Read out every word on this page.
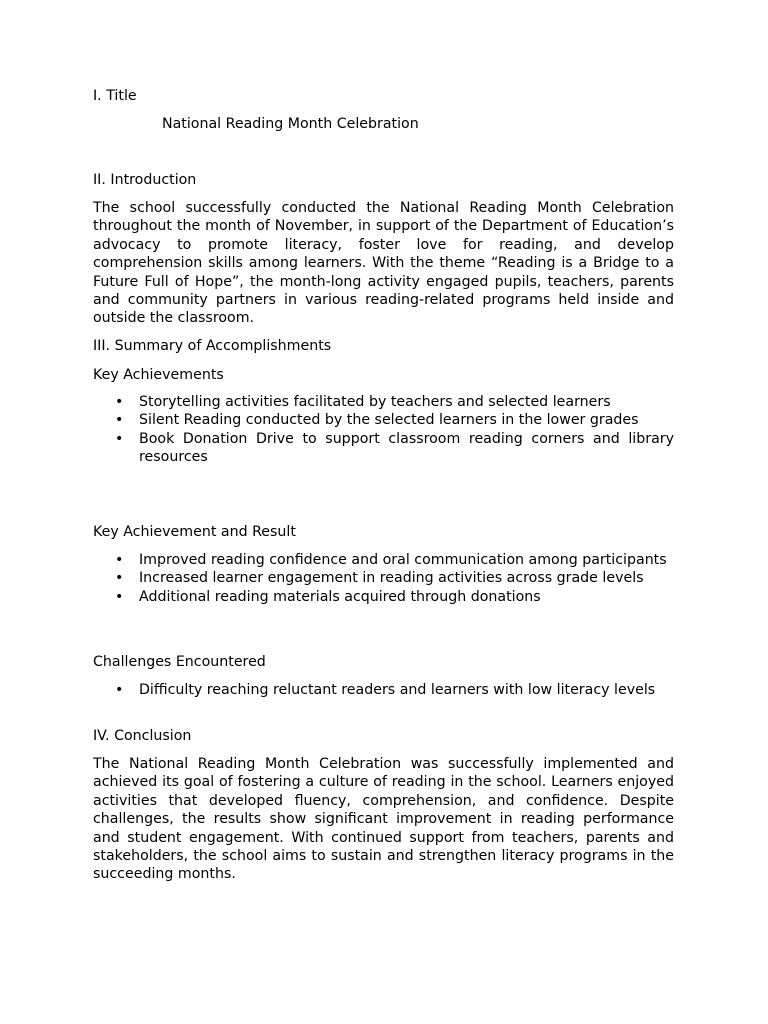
I. Title
National Reading Month Celebration
II. Introduction
The school successfully conducted the National Reading Month Celebration throughout the month of November, in support of the Department of Education’s advocacy to promote literacy, foster love for reading, and develop comprehension skills among learners. With the theme “Reading is a Bridge to a Future Full of Hope”, the month-long activity engaged pupils, teachers, parents and community partners in various reading-related programs held inside and outside the classroom.
III. Summary of Accomplishments
Key Achievements
• Storytelling activities facilitated by teachers and selected learners
• Silent Reading conducted by the selected learners in the lower grades
• Book Donation Drive to support classroom reading corners and library resources
Key Achievement and Result
• Improved reading confidence and oral communication among participants
• Increased learner engagement in reading activities across grade levels
• Additional reading materials acquired through donations
Challenges Encountered
• Difficulty reaching reluctant readers and learners with low literacy levels
IV. Conclusion
The National Reading Month Celebration was successfully implemented and achieved its goal of fostering a culture of reading in the school. Learners enjoyed activities that developed fluency, comprehension, and confidence. Despite challenges, the results show significant improvement in reading performance and student engagement. With continued support from teachers, parents and stakeholders, the school aims to sustain and strengthen literacy programs in the succeeding months.
